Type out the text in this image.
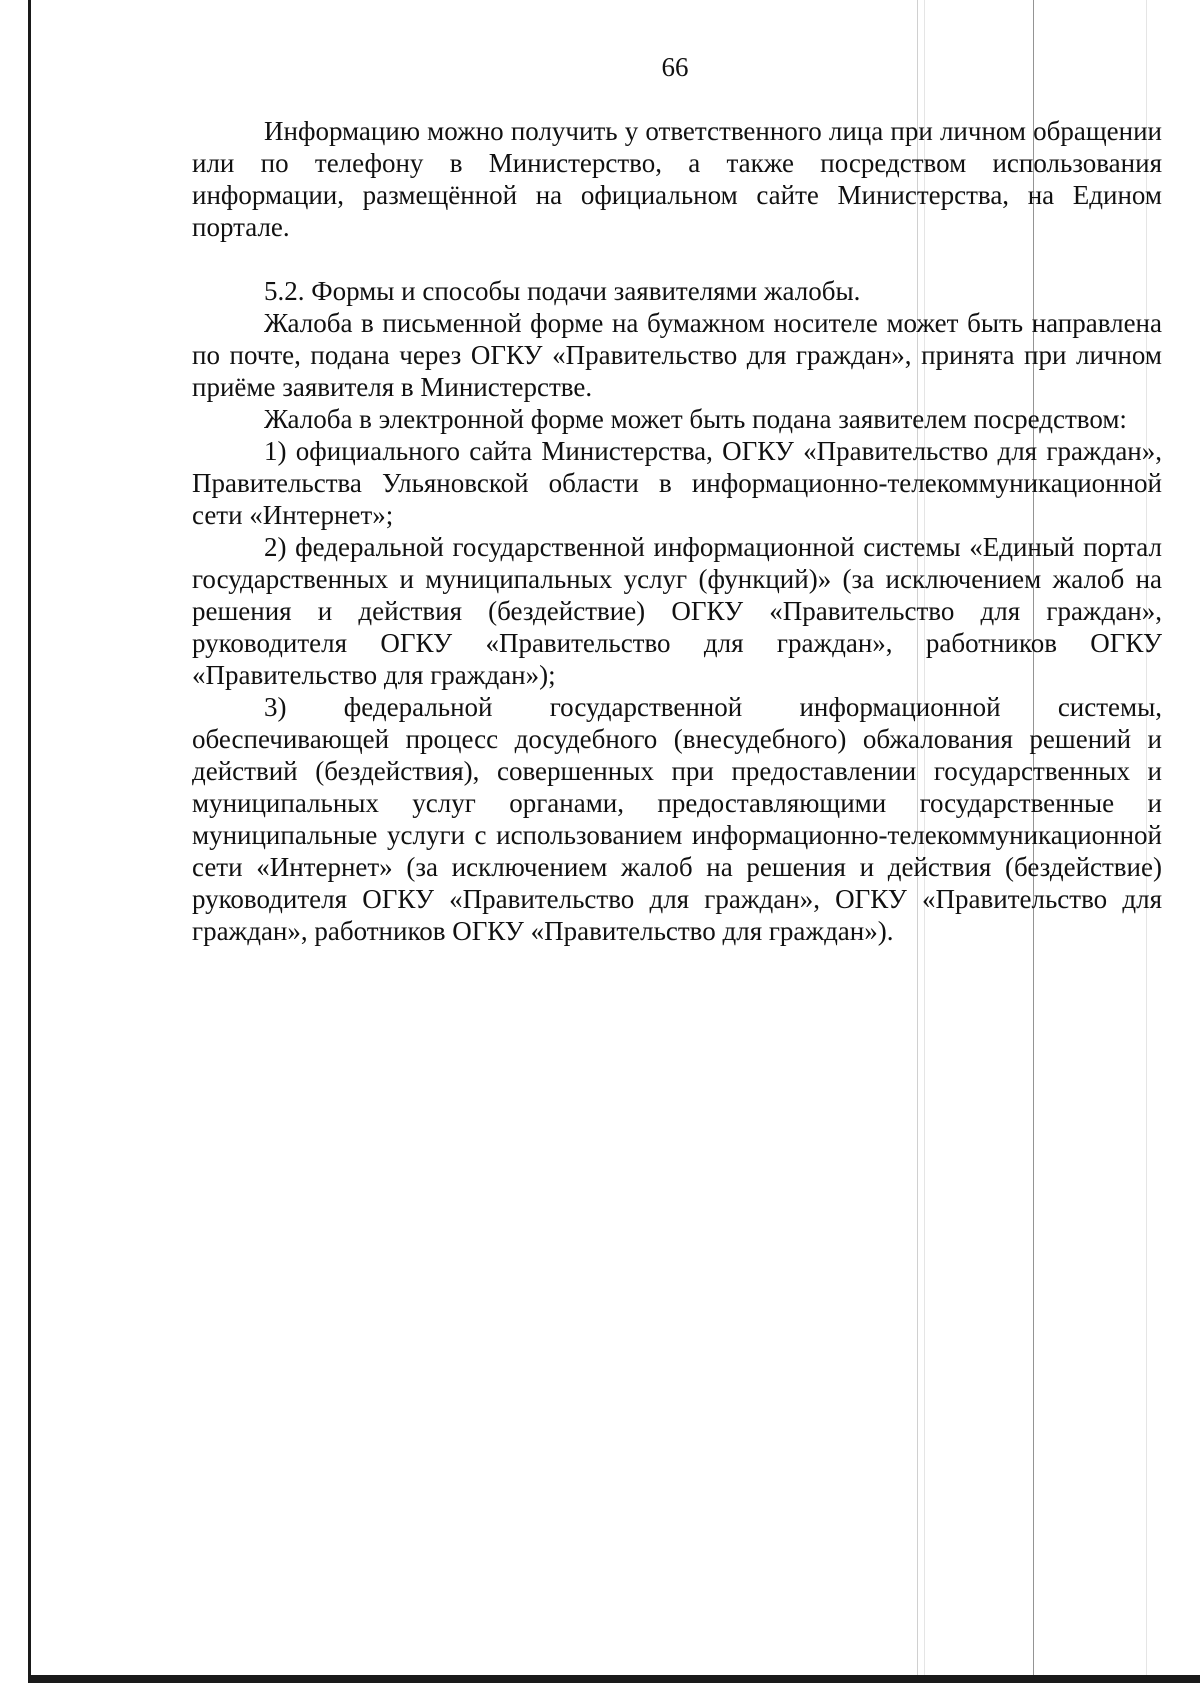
66

Информацию можно получить у ответственного лица при личном обращении или по телефону в Министерство, а также посредством использования информации, размещённой на официальном сайте Министерства, на Едином портале.

5.2. Формы и способы подачи заявителями жалобы.

Жалоба в письменной форме на бумажном носителе может быть направлена по почте, подана через ОГКУ «Правительство для граждан», принята при личном приёме заявителя в Министерстве.

Жалоба в электронной форме может быть подана заявителем посредством:

1) официального сайта Министерства, ОГКУ «Правительство для граждан», Правительства Ульяновской области в информационно-телекоммуникационной сети «Интернет»;

2) федеральной государственной информационной системы «Единый портал государственных и муниципальных услуг (функций)» (за исключением жалоб на решения и действия (бездействие) ОГКУ «Правительство для граждан», руководителя ОГКУ «Правительство для граждан», работников ОГКУ «Правительство для граждан»);

3) федеральной государственной информационной системы, обеспечивающей процесс досудебного (внесудебного) обжалования решений и действий (бездействия), совершенных при предоставлении государственных и муниципальных услуг органами, предоставляющими государственные и муниципальные услуги с использованием информационно-телекоммуникационной сети «Интернет» (за исключением жалоб на решения и действия (бездействие) руководителя ОГКУ «Правительство для граждан», ОГКУ «Правительство для граждан», работников ОГКУ «Правительство для граждан»).
